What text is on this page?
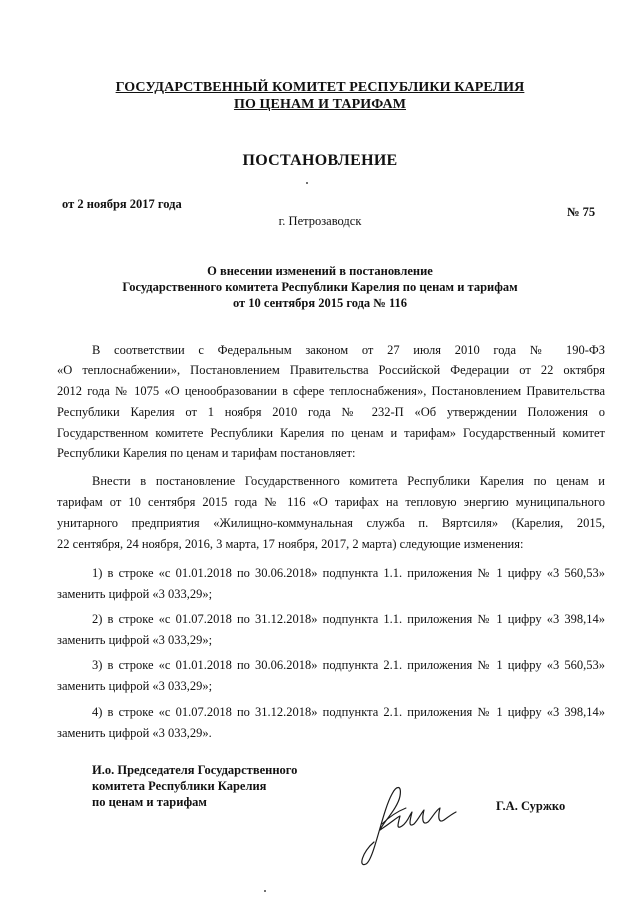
ГОСУДАРСТВЕННЫЙ КОМИТЕТ РЕСПУБЛИКИ КАРЕЛИЯ
ПО ЦЕНАМ И ТАРИФАМ
ПОСТАНОВЛЕНИЕ
от 2 ноября 2017 года
г. Петрозаводск
№ 75
О внесении изменений в постановление
Государственного комитета Республики Карелия по ценам и тарифам
от 10 сентября 2015 года № 116
В соответствии с Федеральным законом от 27 июля 2010 года № 190-ФЗ
«О теплоснабжении», Постановлением Правительства Российской Федерации от 22 октября
2012 года № 1075 «О ценообразовании в сфере теплоснабжения», Постановлением Правительства
Республики Карелия от 1 ноября 2010 года № 232-П «Об утверждении Положения о
Государственном комитете Республики Карелия по ценам и тарифам» Государственный комитет
Республики Карелия по ценам и тарифам постановляет:
Внести в постановление Государственного комитета Республики Карелия по ценам и
тарифам от 10 сентября 2015 года № 116 «О тарифах на тепловую энергию муниципального
унитарного предприятия «Жилищно-коммунальная служба п. Вяртсиля» (Карелия, 2015,
22 сентября, 24 ноября, 2016, 3 марта, 17 ноября, 2017, 2 марта) следующие изменения:
1) в строке «с 01.01.2018 по 30.06.2018» подпункта 1.1. приложения № 1 цифру «3 560,53»
заменить цифрой «3 033,29»;
2) в строке «с 01.07.2018 по 31.12.2018» подпункта 1.1. приложения № 1 цифру «3 398,14»
заменить цифрой «3 033,29»;
3) в строке «с 01.01.2018 по 30.06.2018» подпункта 2.1. приложения № 1 цифру «3 560,53»
заменить цифрой «3 033,29»;
4) в строке «с 01.07.2018 по 31.12.2018» подпункта 2.1. приложения № 1 цифру «3 398,14»
заменить цифрой «3 033,29».
И.о. Председателя Государственного
комитета Республики Карелия
по ценам и тарифам	Г.А. Суржко
